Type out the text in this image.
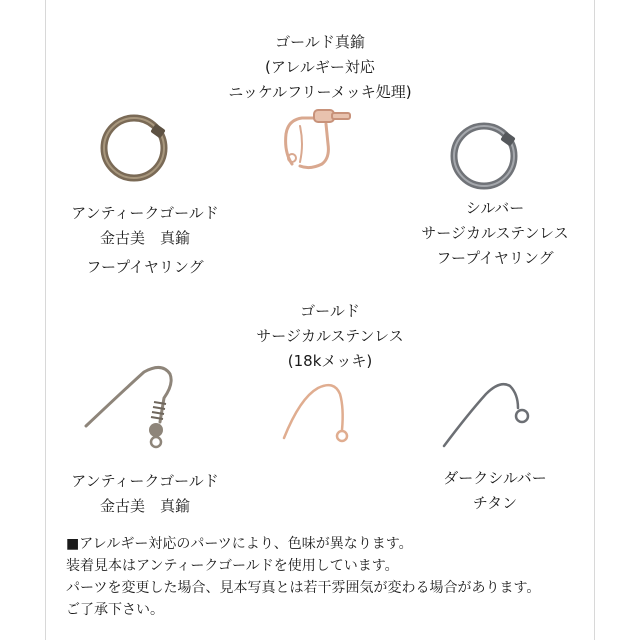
ゴールド真鍮
(アレルギー対応
ニッケルフリーメッキ処理)
アンティークゴールド
金古美　真鍮
フープイヤリング
シルバー
サージカルステンレス
フープイヤリング
ゴールド
サージカルステンレス
(18kメッキ)
アンティークゴールド
金古美　真鍮
ダークシルバー
チタン
■アレルギー対応のパーツにより、色味が異なります。
装着見本はアンティークゴールドを使用しています。
パーツを変更した場合、見本写真とは若干雰囲気が変わる場合があります。
ご了承下さい。
